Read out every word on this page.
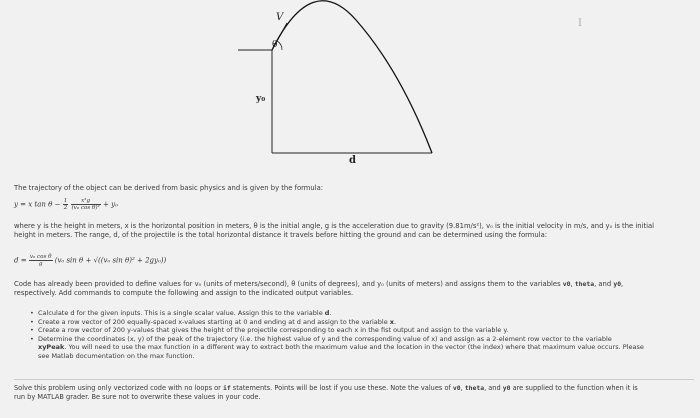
V
θ
y₀
d
I
The trajectory of the object can be derived from basic physics and is given by the formula:
y = x $\tan \theta - \frac{1}{2}$
$\frac{\text{x²g}}{\text{(v₀ cos θ)²}} + y_0$
where y is the height in meters, x is the horizontal position in meters, θ is the initial angle, g is the acceleration due to gravity (9.81m/s²), v₀ is the initial velocity in m/s, and y₀ is the initial
height in meters. The range, d, of the projectile is the total horizontal distance it travels before hitting the ground and can be determined using the formula:
$d = \frac{\text{v₀ cos θ}}{g} (v_0$ sin θ + √((v₀ sin θ)² + 2gy₀))
Code has already been provided to define values for v₀ (units of meters/second), θ (units of degrees), and y₀ (units of meters) and assigns them to the variables v0, theta, and y0,
respectively. Add commands to compute the following and assign to the indicated output variables.
• Calculate d for the given inputs. This is a single scalar value. Assign this to the variable d.
• Create a row vector of 200 equally-spaced x-values starting at 0 and ending at d and assign to the variable x.
• Create a row vector of 200 y-values that gives the height of the projectile corresponding to each x in the fist output and assign to the variable y.
• Determine the coordinates (x, y) of the peak of the trajectory (i.e. the highest value of y and the corresponding value of x) and assign as a 2-element row vector to the variable
xyPeak. You will need to use the max function in a different way to extract both the maximum value and the location in the vector (the index) where that maximum value occurs. Please
see Matlab documentation on the max function.
Solve this problem using only vectorized code with no loops or if statements. Points will be lost if you use these. Note the values of v0, theta, and y0 are supplied to the function when it is
run by MATLAB grader. Be sure not to overwrite these values in your code.
